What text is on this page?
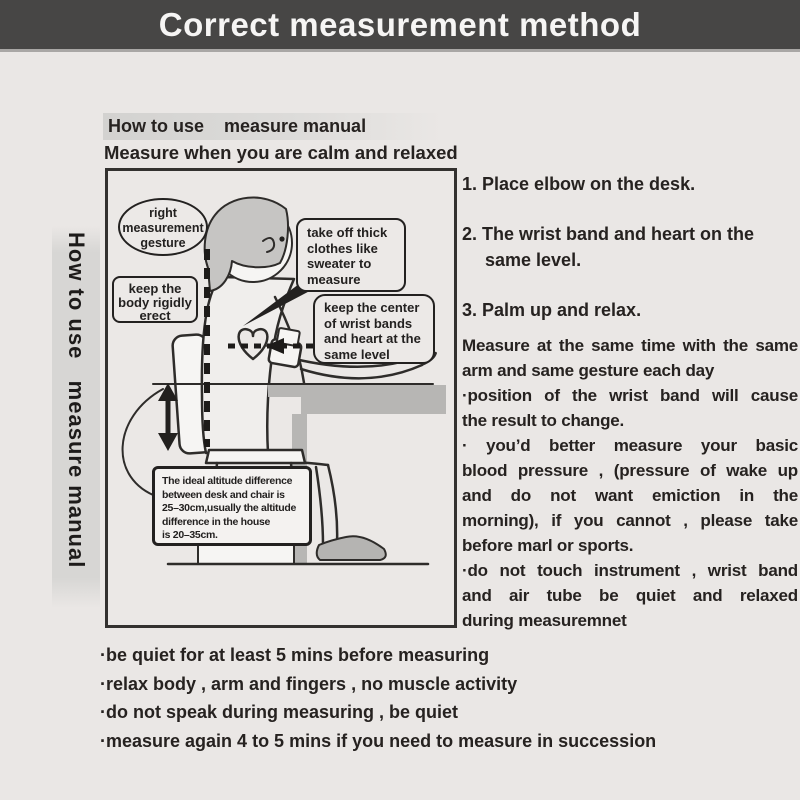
Correct measurement method
How to use   measure manual
How to use    measure manual
Measure when you are calm and relaxed
right
measurement
gesture
take off thick
clothes like
sweater to
measure
keep the
body rigidly
erect
keep the center
of wrist bands
and heart at the
same level
The ideal altitude difference
between desk and chair is
25–30cm,usually the altitude
difference in the house
is 20–35cm.
1. Place elbow on the desk.
2. The wrist band and heart on the
same level.
3. Palm up and relax.
Measure at the same time with the same
arm and same gesture each day
·position of the wrist band will cause
the result to change.
· you’d better measure your basic
blood pressure , (pressure of wake up
and do not want emiction in the
morning), if you cannot , please take
before marl or sports.
·do not touch instrument , wrist band
and air tube be quiet and relaxed
during measuremnet
·be quiet for at least 5 mins before measuring
·relax body , arm and fingers , no muscle activity
·do not speak during measuring , be quiet
·measure again 4 to 5 mins if you need to measure in succession
